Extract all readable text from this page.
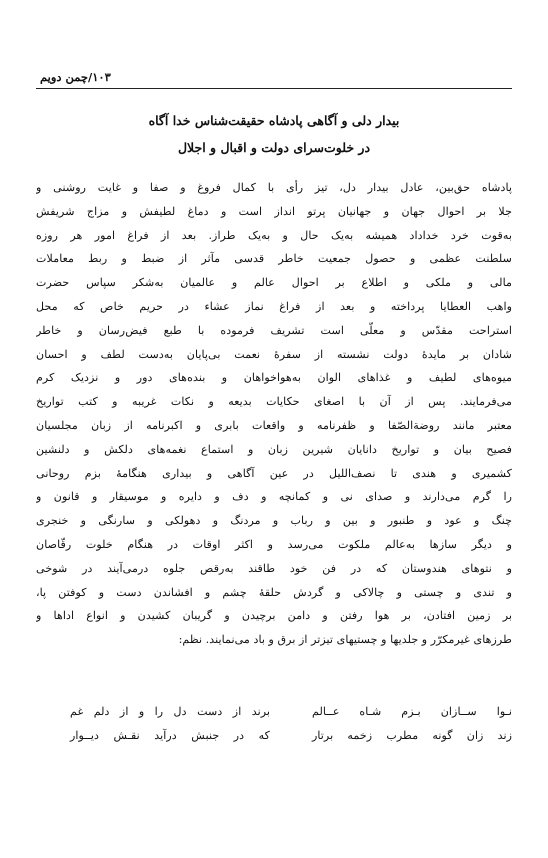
۱۰۳/چمن دویم
بیدار دلی و آگاهی پادشاه حقیقت‌شناس خدا آگاه
در خلوت‌سرای دولت و اقبال و اجلال
پادشاه حق‌بین، عادل بیدار دل، تیز رأی با کمال فروغ و صفا و غایت روشنی و
جلا بر احوال جهان و جهانیان پرتو انداز است و دماغ لطیفش و مزاج شریفش
به‌قوت خرد خداداد همیشه به‌یک حال و به‌یک طراز. بعد از فراغ امور هر روزه
سلطنت عظمی و حصول جمعیت خاطر قدسی مآثر از ضبط و ربط معاملات
مالی و ملکی و اطلاع بر احوال عالم و عالمیان به‌شکر سپاس حضرت
واهب العطایا پرداخته و بعد از فراغ نماز عشاء در حریم خاص که محل
استراحت مقدّس و معلّی است تشریف فرموده با طبع فیض‌رسان و خاطر
شادان بر مایدهٔ دولت نشسته از سفرهٔ نعمت بی‌پایان به‌دست لطف و احسان
میوه‌های لطیف و غذاهای الوان به‌هواخواهان و بنده‌های دور و نزدیک کرم
می‌فرمایند. پس از آن با اصغای حکایات بدیعه و نکات غریبه و کتب تواریخ
معتبر مانند روضةالصّفا و ظفرنامه و واقعات بابری و اکبرنامه از زبان مجلسیان
فصیح بیان و تواریخ دانایان شیرین زبان و استماع نغمه‌های دلکش و دلنشین
کشمیری و هندی تا نصف‌اللیل در عین آگاهی و بیداری هنگامهٔ بزم روحانی
را گرم می‌دارند و صدای نی و کمانچه و دف و دایره و موسیقار و قانون و
چنگ و عود و طنبور و بین و رباب و مردنگ و دهولکی و سارنگی و خنجری
و دیگر سازها به‌عالم ملکوت می‌رسد و اکثر اوقات در هنگام خلوت رقّاصان
و نتوهای هندوستان که در فن خود طاقند به‌رقص جلوه درمی‌آیند در شوخی
و تندی و چستی و چالاکی و گردش حلقهٔ چشم و افشاندن دست و کوفتن پا،
بر زمین افتادن، بر هوا رفتن و دامن برچیدن و گریبان کشیدن و انواع اداها و
طرزهای غیرمکرّر و جلدیها و چستیهای تیزتر از برق و باد می‌نمایند. نظم:
نـوا ســازان بـزم شـاه عــالم
برند از دست دل را و از دلم غم
زند زان گونه مطرب زخمه برتار
که در جنبش درآید نقـش دیــوار
